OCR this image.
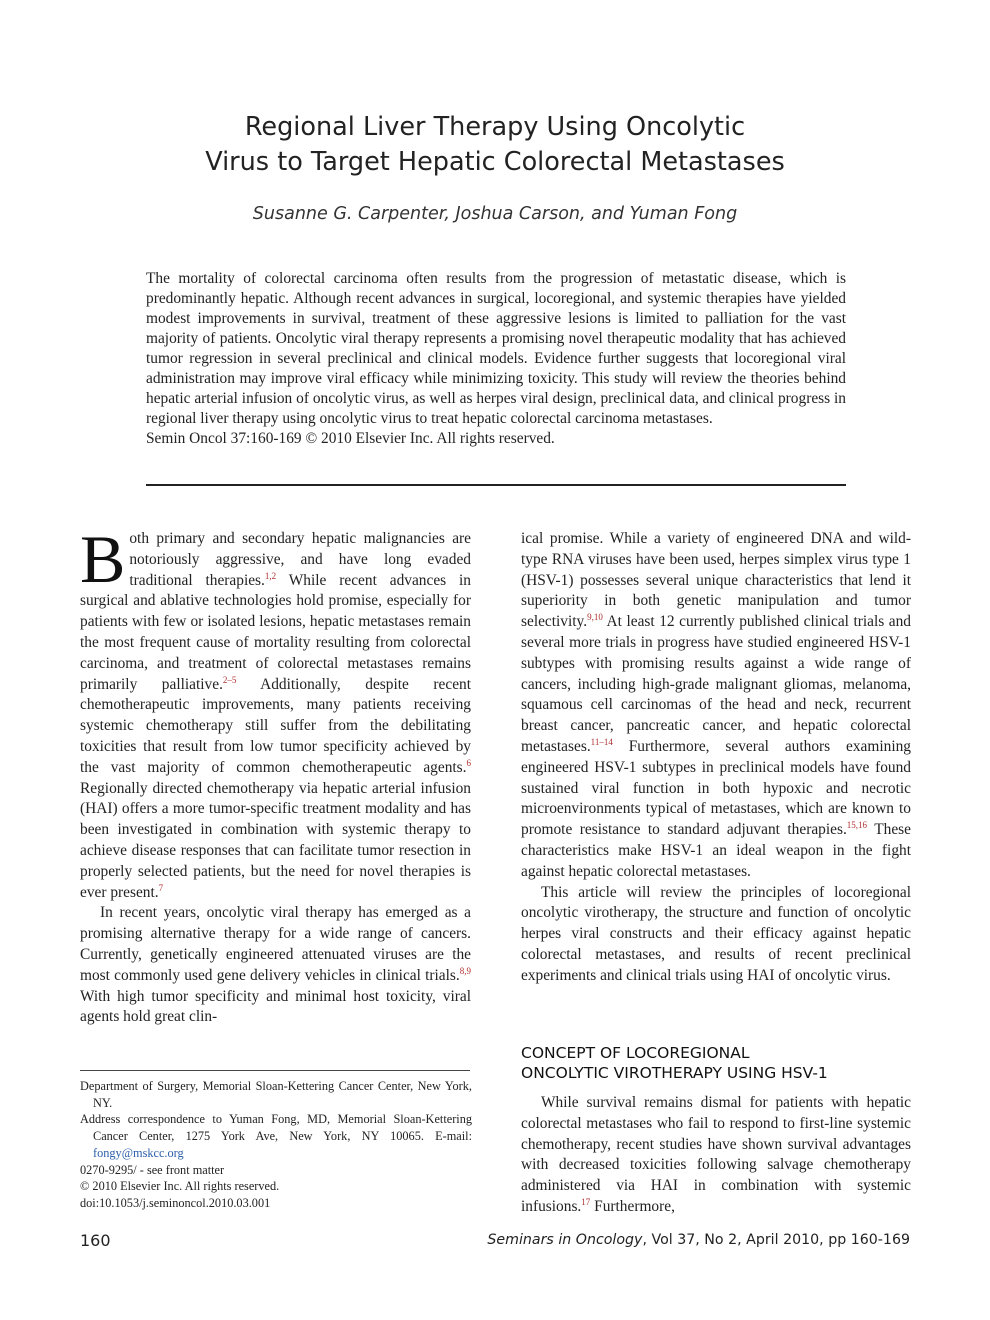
Regional Liver Therapy Using Oncolytic
Virus to Target Hepatic Colorectal Metastases
Susanne G. Carpenter, Joshua Carson, and Yuman Fong

The mortality of colorectal carcinoma often results from the progression of metastatic disease, which is predominantly hepatic. Although recent advances in surgical, locoregional, and systemic therapies have yielded modest improvements in survival, treatment of these aggressive lesions is limited to palliation for the vast majority of patients. Oncolytic viral therapy represents a promising novel therapeutic modality that has achieved tumor regression in several preclinical and clinical models. Evidence further suggests that locoregional viral administration may improve viral efficacy while minimizing toxicity. This study will review the theories behind hepatic arterial infusion of oncolytic virus, as well as herpes viral design, preclinical data, and clinical progress in regional liver therapy using oncolytic virus to treat hepatic colorectal carcinoma metastases.

Semin Oncol 37:160-169 © 2010 Elsevier Inc. All rights reserved.

Both primary and secondary hepatic malignancies are notoriously aggressive, and have long evaded traditional therapies.$^{1,2}$ While recent advances in surgical and ablative technologies hold promise, especially for patients with few or isolated lesions, hepatic metastases remain the most frequent cause of mortality resulting from colorectal carcinoma, and treatment of colorectal metastases remains primarily palliative.$^{2-5}$ Additionally, despite recent chemotherapeutic improvements, many patients receiving systemic chemotherapy still suffer from the debilitating toxicities that result from low tumor specificity achieved by the vast majority of common chemotherapeutic agents.$^6$ Regionally directed chemotherapy via hepatic arterial infusion (HAI) offers a more tumor-specific treatment modality and has been investigated in combination with systemic therapy to achieve disease responses that can facilitate tumor resection in properly selected patients, but the need for novel therapies is ever present.$^7$

In recent years, oncolytic viral therapy has emerged as a promising alternative therapy for a wide range of cancers. Currently, genetically engineered attenuated viruses are the most commonly used gene delivery vehicles in clinical trials.$^{8,9}$ With high tumor specificity and minimal host toxicity, viral agents hold great clin-

ical promise. While a variety of engineered DNA and wild-type RNA viruses have been used, herpes simplex virus type 1 (HSV-1) possesses several unique characteristics that lend it superiority in both genetic manipulation and tumor selectivity.$^{9,10}$ At least 12 currently published clinical trials and several more trials in progress have studied engineered HSV-1 subtypes with promising results against a wide range of cancers, including high-grade malignant gliomas, melanoma, squamous cell carcinomas of the head and neck, recurrent breast cancer, pancreatic cancer, and hepatic colorectal metastases.$^{11-14}$ Furthermore, several authors examining engineered HSV-1 subtypes in preclinical models have found sustained viral function in both hypoxic and necrotic microenvironments typical of metastases, which are known to promote resistance to standard adjuvant therapies.$^{15,16}$ These characteristics make HSV-1 an ideal weapon in the fight against hepatic colorectal metastases.

This article will review the principles of locoregional oncolytic virotherapy, the structure and function of oncolytic herpes viral constructs and their efficacy against hepatic colorectal metastases, and results of recent preclinical experiments and clinical trials using HAI of oncolytic virus.

CONCEPT OF LOCOREGIONAL
ONCOLYTIC VIROTHERAPY USING HSV-1

While survival remains dismal for patients with hepatic colorectal metastases who fail to respond to first-line systemic chemotherapy, recent studies have shown survival advantages with decreased toxicities following salvage chemotherapy administered via HAI in combination with systemic infusions.$^{17}$ Furthermore,

Department of Surgery, Memorial Sloan-Kettering Cancer Center, New York, NY.

Address correspondence to Yuman Fong, MD, Memorial Sloan-Kettering Cancer Center, 1275 York Ave, New York, NY 10065. E-mail: fongy@mskcc.org

0270-9295/ - see front matter

© 2010 Elsevier Inc. All rights reserved.

doi:10.1053/j.seminoncol.2010.03.001

160	Seminars in Oncology, Vol 37, No 2, April 2010, pp 160-169
